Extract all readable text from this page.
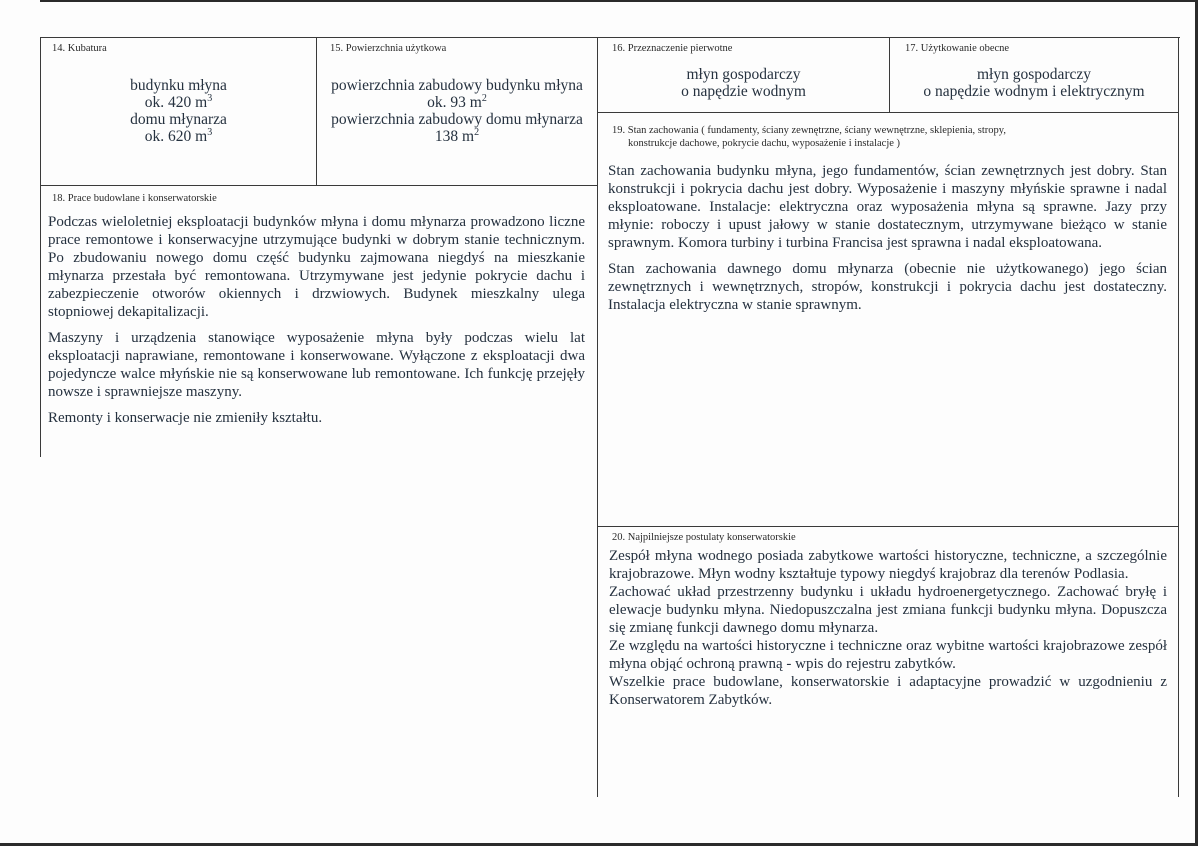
14. Kubatura
budynku młyna
ok. 420 $m^3$
domu młynarza
ok. 620 $m^3$
15. Powierzchnia użytkowa
powierzchnia zabudowy budynku młyna
ok. 93 $m^2$
powierzchnia zabudowy domu młynarza
138 $m^2$
16. Przeznaczenie pierwotne
młyn gospodarczy
o napędzie wodnym
17. Użytkowanie obecne
młyn gospodarczy
o napędzie wodnym i elektrycznym
18. Prace budowlane i konserwatorskie

Podczas wieloletniej eksploatacji budynków młyna i domu młynarza prowadzono liczne prace remontowe i konserwacyjne utrzymujące budynki w dobrym stanie technicznym. Po zbudowaniu nowego domu część budynku zajmowana niegdyś na mieszkanie młynarza przestała być remontowana. Utrzymywane jest jedynie pokrycie dachu i zabezpieczenie otworów okiennych i drzwiowych. Budynek mieszkalny ulega stopniowej dekapitalizacji.

Maszyny i urządzenia stanowiące wyposażenie młyna były podczas wielu lat eksploatacji naprawiane, remontowane i konserwowane. Wyłączone z eksploatacji dwa pojedyncze walce młyńskie nie są konserwowane lub remontowane. Ich funkcję przejęły nowsze i sprawniejsze maszyny.

Remonty i konserwacje nie zmieniły kształtu.

19. Stan zachowania ( fundamenty, ściany zewnętrzne, ściany wewnętrzne, sklepienia, stropy,
konstrukcje dachowe, pokrycie dachu, wyposażenie i instalacje )

Stan zachowania budynku młyna, jego fundamentów, ścian zewnętrznych jest dobry. Stan konstrukcji i pokrycia dachu jest dobry. Wyposażenie i maszyny młyńskie sprawne i nadal eksploatowane. Instalacje: elektryczna oraz wyposażenia młyna są sprawne. Jazy przy młynie: roboczy i upust jałowy w stanie dostatecznym, utrzymywane bieżąco w stanie sprawnym. Komora turbiny i turbina Francisa jest sprawna i nadal eksploatowana.

Stan zachowania dawnego domu młynarza (obecnie nie użytkowanego) jego ścian zewnętrznych i wewnętrznych, stropów, konstrukcji i pokrycia dachu jest dostateczny. Instalacja elektryczna w stanie sprawnym.

20. Najpilniejsze postulaty konserwatorskie

Zespół młyna wodnego posiada zabytkowe wartości historyczne, techniczne, a szczególnie krajobrazowe. Młyn wodny kształtuje typowy niegdyś krajobraz dla terenów Podlasia.

Zachować układ przestrzenny budynku i układu hydroenergetycznego. Zachować bryłę i elewacje budynku młyna. Niedopuszczalna jest zmiana funkcji budynku młyna. Dopuszcza się zmianę funkcji dawnego domu młynarza.

Ze względu na wartości historyczne i techniczne oraz wybitne wartości krajobrazowe zespół młyna objąć ochroną prawną - wpis do rejestru zabytków.

Wszelkie prace budowlane, konserwatorskie i adaptacyjne prowadzić w uzgodnieniu z Konserwatorem Zabytków.
